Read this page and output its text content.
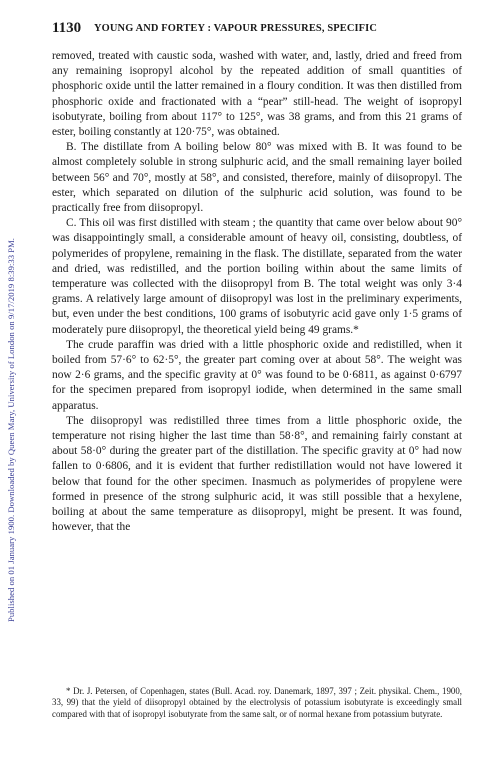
Published on 01 January 1900. Downloaded by Queen Mary, University of London on 9/17/2019 8:39:33 PM.
1130 YOUNG AND FORTEY : VAPOUR PRESSURES, SPECIFIC

removed, treated with caustic soda, washed with water, and, lastly, dried and freed from any remaining isopropyl alcohol by the repeated addition of small quantities of phosphoric oxide until the latter remained in a floury condition. It was then distilled from phosphoric oxide and fractionated with a “pear” still-head. The weight of isopropyl isobutyrate, boiling from about 117° to 125°, was 38 grams, and from this 21 grams of ester, boiling constantly at 120·75°, was obtained.

B. The distillate from A boiling below 80° was mixed with B. It was found to be almost completely soluble in strong sulphuric acid, and the small remaining layer boiled between 56° and 70°, mostly at 58°, and consisted, therefore, mainly of diisopropyl. The ester, which separated on dilution of the sulphuric acid solution, was found to be practically free from diisopropyl.

C. This oil was first distilled with steam ; the quantity that came over below about 90° was disappointingly small, a considerable amount of heavy oil, consisting, doubtless, of polymerides of propylene, remaining in the flask. The distillate, separated from the water and dried, was redistilled, and the portion boiling within about the same limits of temperature was collected with the diisopropyl from B. The total weight was only 3·4 grams. A relatively large amount of diisopropyl was lost in the preliminary experiments, but, even under the best conditions, 100 grams of isobutyric acid gave only 1·5 grams of moderately pure diisopropyl, the theoretical yield being 49 grams.*

The crude paraffin was dried with a little phosphoric oxide and redistilled, when it boiled from 57·6° to 62·5°, the greater part coming over at about 58°. The weight was now 2·6 grams, and the specific gravity at 0° was found to be 0·6811, as against 0·6797 for the specimen prepared from isopropyl iodide, when determined in the same small apparatus.

The diisopropyl was redistilled three times from a little phosphoric oxide, the temperature not rising higher the last time than 58·8°, and remaining fairly constant at about 58·0° during the greater part of the distillation. The specific gravity at 0° had now fallen to 0·6806, and it is evident that further redistillation would not have lowered it below that found for the other specimen. Inasmuch as polymerides of propylene were formed in presence of the strong sulphuric acid, it was still possible that a hexylene, boiling at about the same temperature as diisopropyl, might be present. It was found, however, that the

* Dr. J. Petersen, of Copenhagen, states (Bull. Acad. roy. Danemark, 1897, 397 ; Zeit. physikal. Chem., 1900, 33, 99) that the yield of diisopropyl obtained by the electrolysis of potassium isobutyrate is exceedingly small compared with that of isopropyl isobutyrate from the same salt, or of normal hexane from potassium butyrate.
